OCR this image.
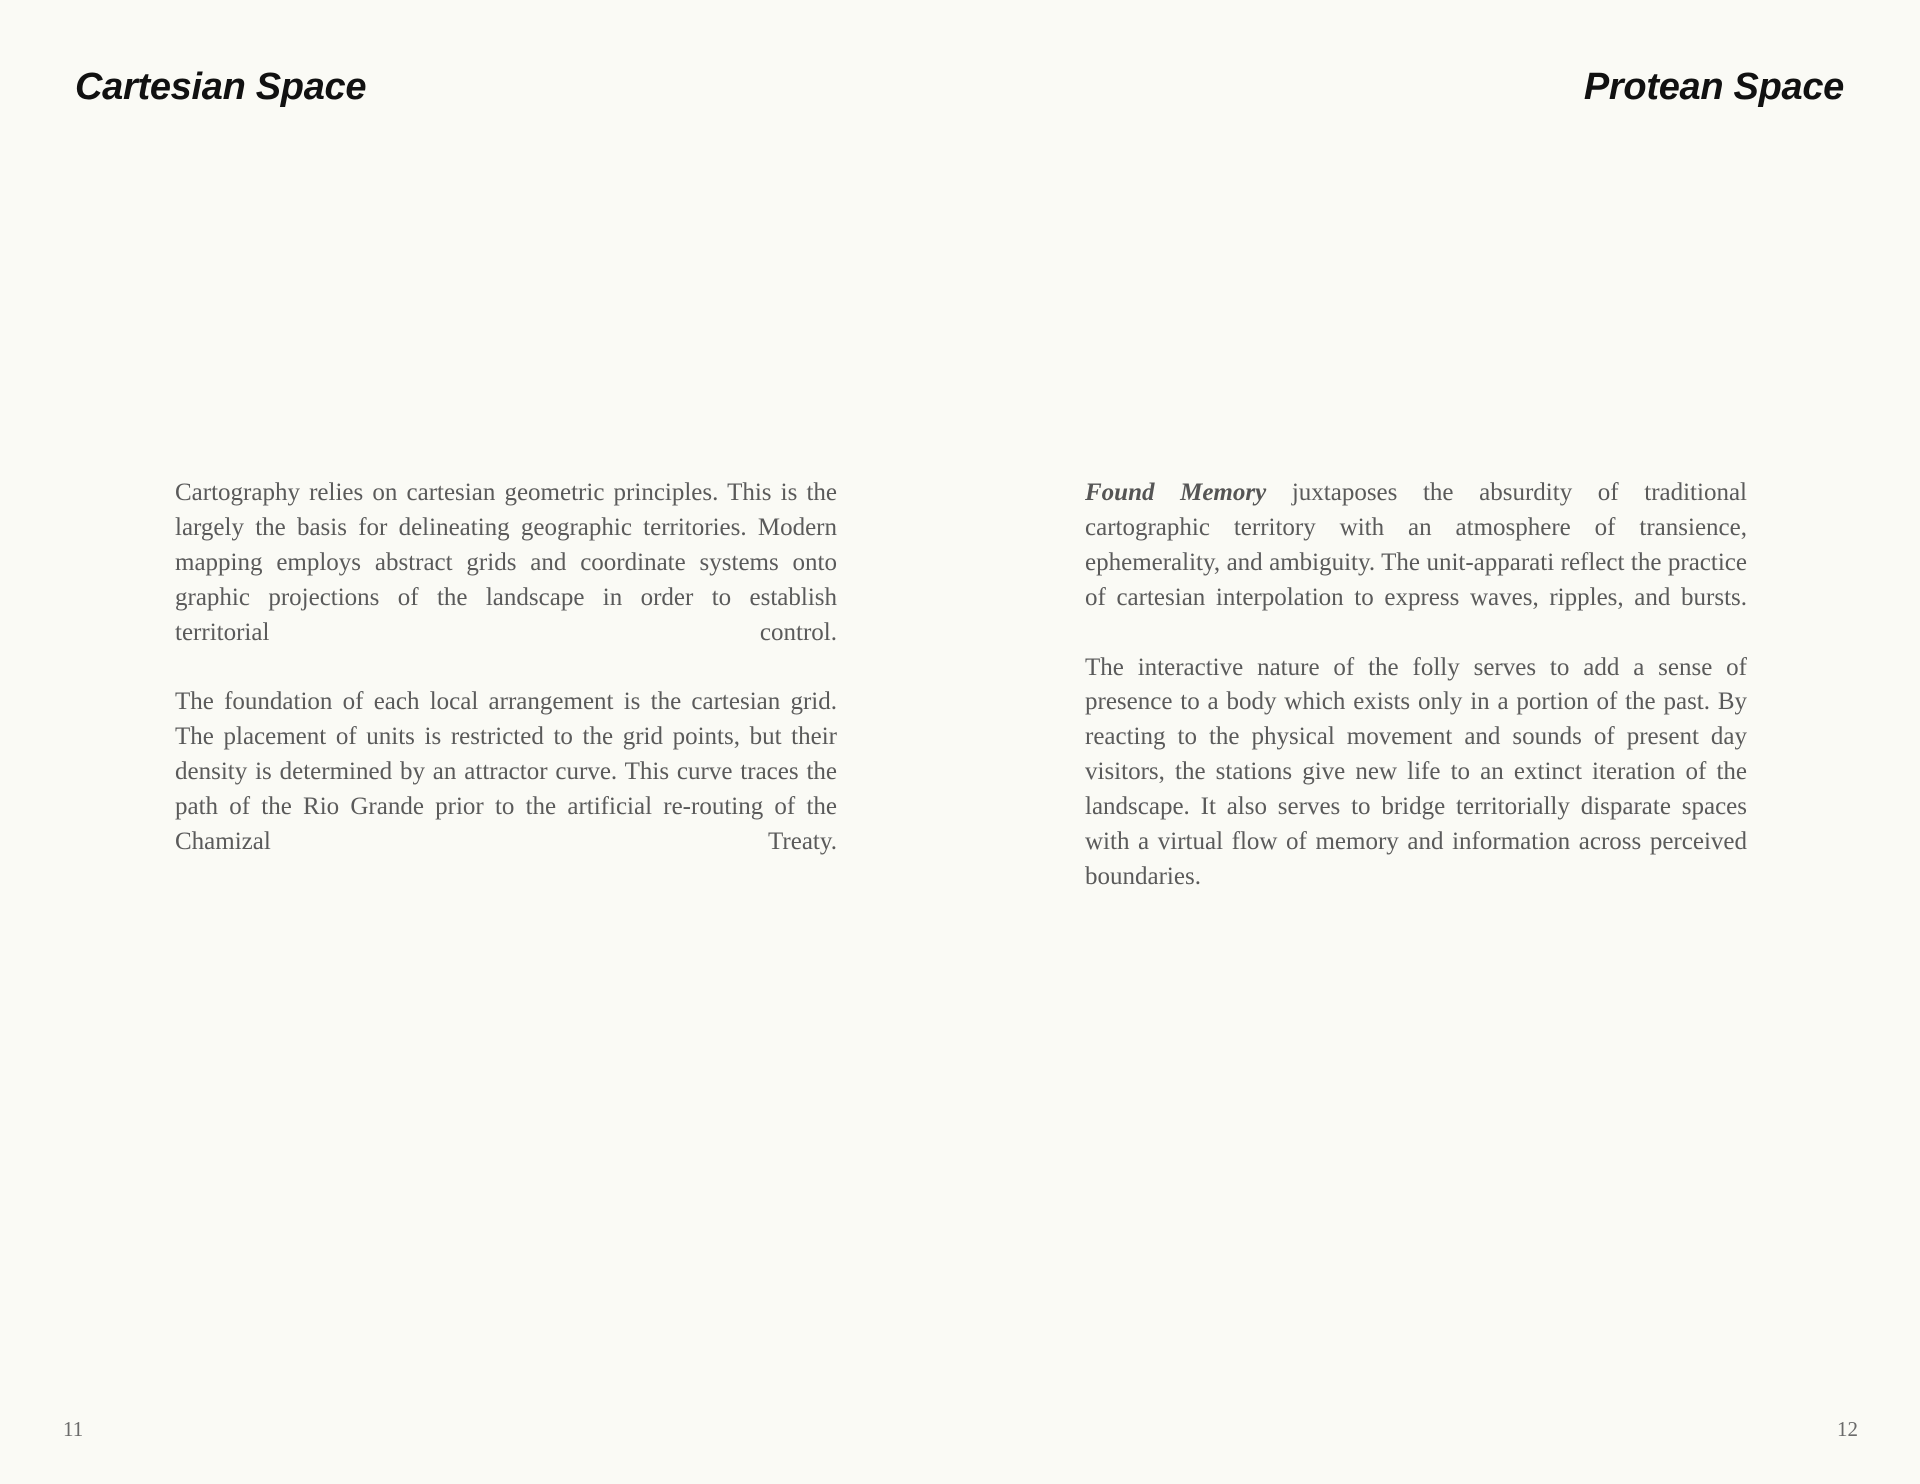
Cartesian Space

Cartography relies on cartesian geometric principles. This is the largely the basis for delineating geographic territories. Modern mapping employs abstract grids and coordinate systems onto graphic projections of the landscape in order to establish territorial control.

The foundation of each local arrangement is the cartesian grid. The placement of units is restricted to the grid points, but their density is determined by an attractor curve. This curve traces the path of the Rio Grande prior to the artificial re-routing of the Chamizal Treaty.

11
Protean Space

Found Memory juxtaposes the absurdity of traditional cartographic territory with an atmosphere of transience, ephemerality, and ambiguity. The unit-apparati reflect the practice of cartesian interpolation to express waves, ripples, and bursts.

The interactive nature of the folly serves to add a sense of presence to a body which exists only in a portion of the past. By reacting to the physical movement and sounds of present day visitors, the stations give new life to an extinct iteration of the landscape. It also serves to bridge territorially disparate spaces with a virtual flow of memory and information across perceived boundaries.

12
